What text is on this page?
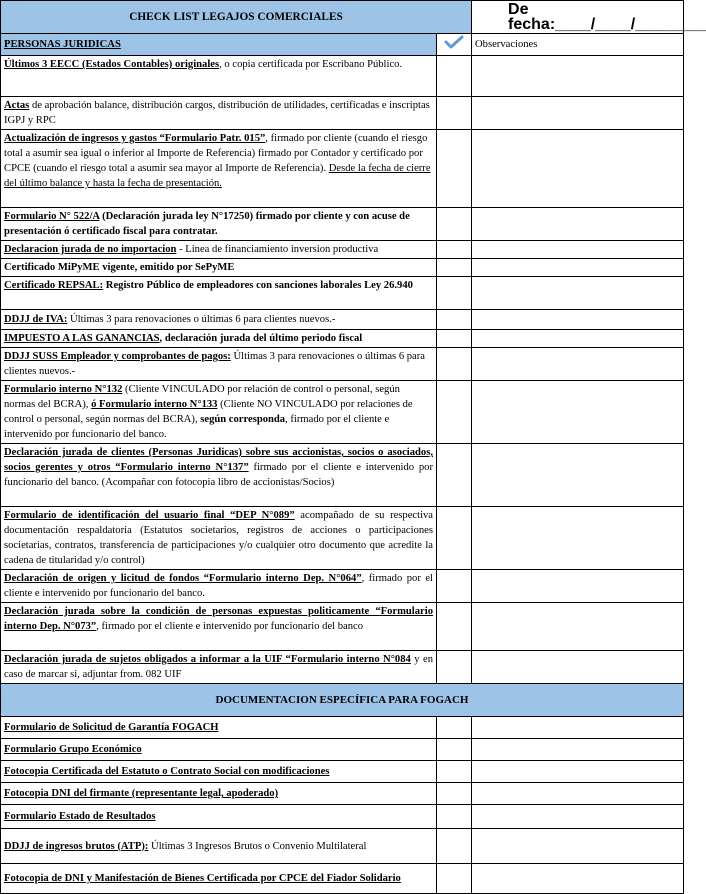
CHECK LIST LEGAJOS COMERCIALES		De fecha:____/____/________
PERSONAS JURIDICAS		Observaciones
Últimos 3 EECC (Estados Contables) originales, o copia certificada por Escribano Público.		
Actas de aprobación balance, distribución cargos, distribución de utilidades, certificadas e inscriptas IGPJ y RPC		
Actualización de ingresos y gastos “Formulario Patr. 015”, firmado por cliente (cuando el riesgo total a asumir sea igual o inferior al Importe de Referencia) firmado por Contador y certificado por CPCE (cuando el riesgo total a asumir sea mayor al Importe de Referencia). Desde la fecha de cierre del último balance y hasta la fecha de presentación.		
Formulario N° 522/A (Declaración jurada ley N°17250) firmado por cliente y con acuse de presentación ó certificado fiscal para contratar.		
Declaracion jurada de no importacion - Linea de financiamiento inversion productiva		
Certificado MiPyME vigente, emitido por SePyME		
Certificado REPSAL: Registro Público de empleadores con sanciones laborales Ley 26.940		
DDJJ de IVA: Últimas 3 para renovaciones o últimas 6 para clientes nuevos.-		
IMPUESTO A LAS GANANCIAS, declaración jurada del último periodo fiscal		
DDJJ SUSS Empleador y comprobantes de pagos: Últimas 3 para renovaciones o últimas 6 para clientes nuevos.-		
Formulario interno N°132 (Cliente VINCULADO por relación de control o personal, según normas del BCRA), ó Formulario interno N°133 (Cliente NO VINCULADO por relaciones de control o personal, según normas del BCRA), según corresponda, firmado por el cliente e intervenido por funcionario del banco.		
Declaración jurada de clientes (Personas Juridicas) sobre sus accionistas, socios o asociados, socios gerentes y otros “Formulario interno N°137” firmado por el cliente e intervenido por funcionario del banco. (Acompañar con fotocopia libro de accionistas/Socios)		
Formulario de identificación del usuario final “DEP N°089” acompañado de su respectiva documentación respaldatoria (Estatutos societarios, registros de acciones o participaciones societarias, contratos, transferencia de participaciones y/o cualquier otro documento que acredite la cadena de titularidad y/o control)		
Declaración de origen y licitud de fondos “Formulario interno Dep. N°064”, firmado por el cliente e intervenido por funcionario del banco.		
Declaración jurada sobre la condición de personas expuestas politicamente “Formulario interno Dep. N°073”, firmado por el cliente e intervenido por funcionario del banco		
Declaración jurada de sujetos obligados a informar a la UIF “Formulario interno N°084 y en caso de marcar si, adjuntar from. 082 UIF		
DOCUMENTACION ESPECÍFICA PARA FOGACH		
Formulario de Solicitud de Garantía FOGACH		
Formulario Grupo Económico		
Fotocopia Certificada del Estatuto o Contrato Social con modificaciones		
Fotocopia DNI del firmante (representante legal, apoderado)		
Formulario Estado de Resultados		
DDJJ de ingresos brutos (ATP): Últimas 3 Ingresos Brutos o Convenio Multilateral		
Fotocopia de DNI y Manifestación de Bienes Certificada por CPCE del Fiador Solidario		
